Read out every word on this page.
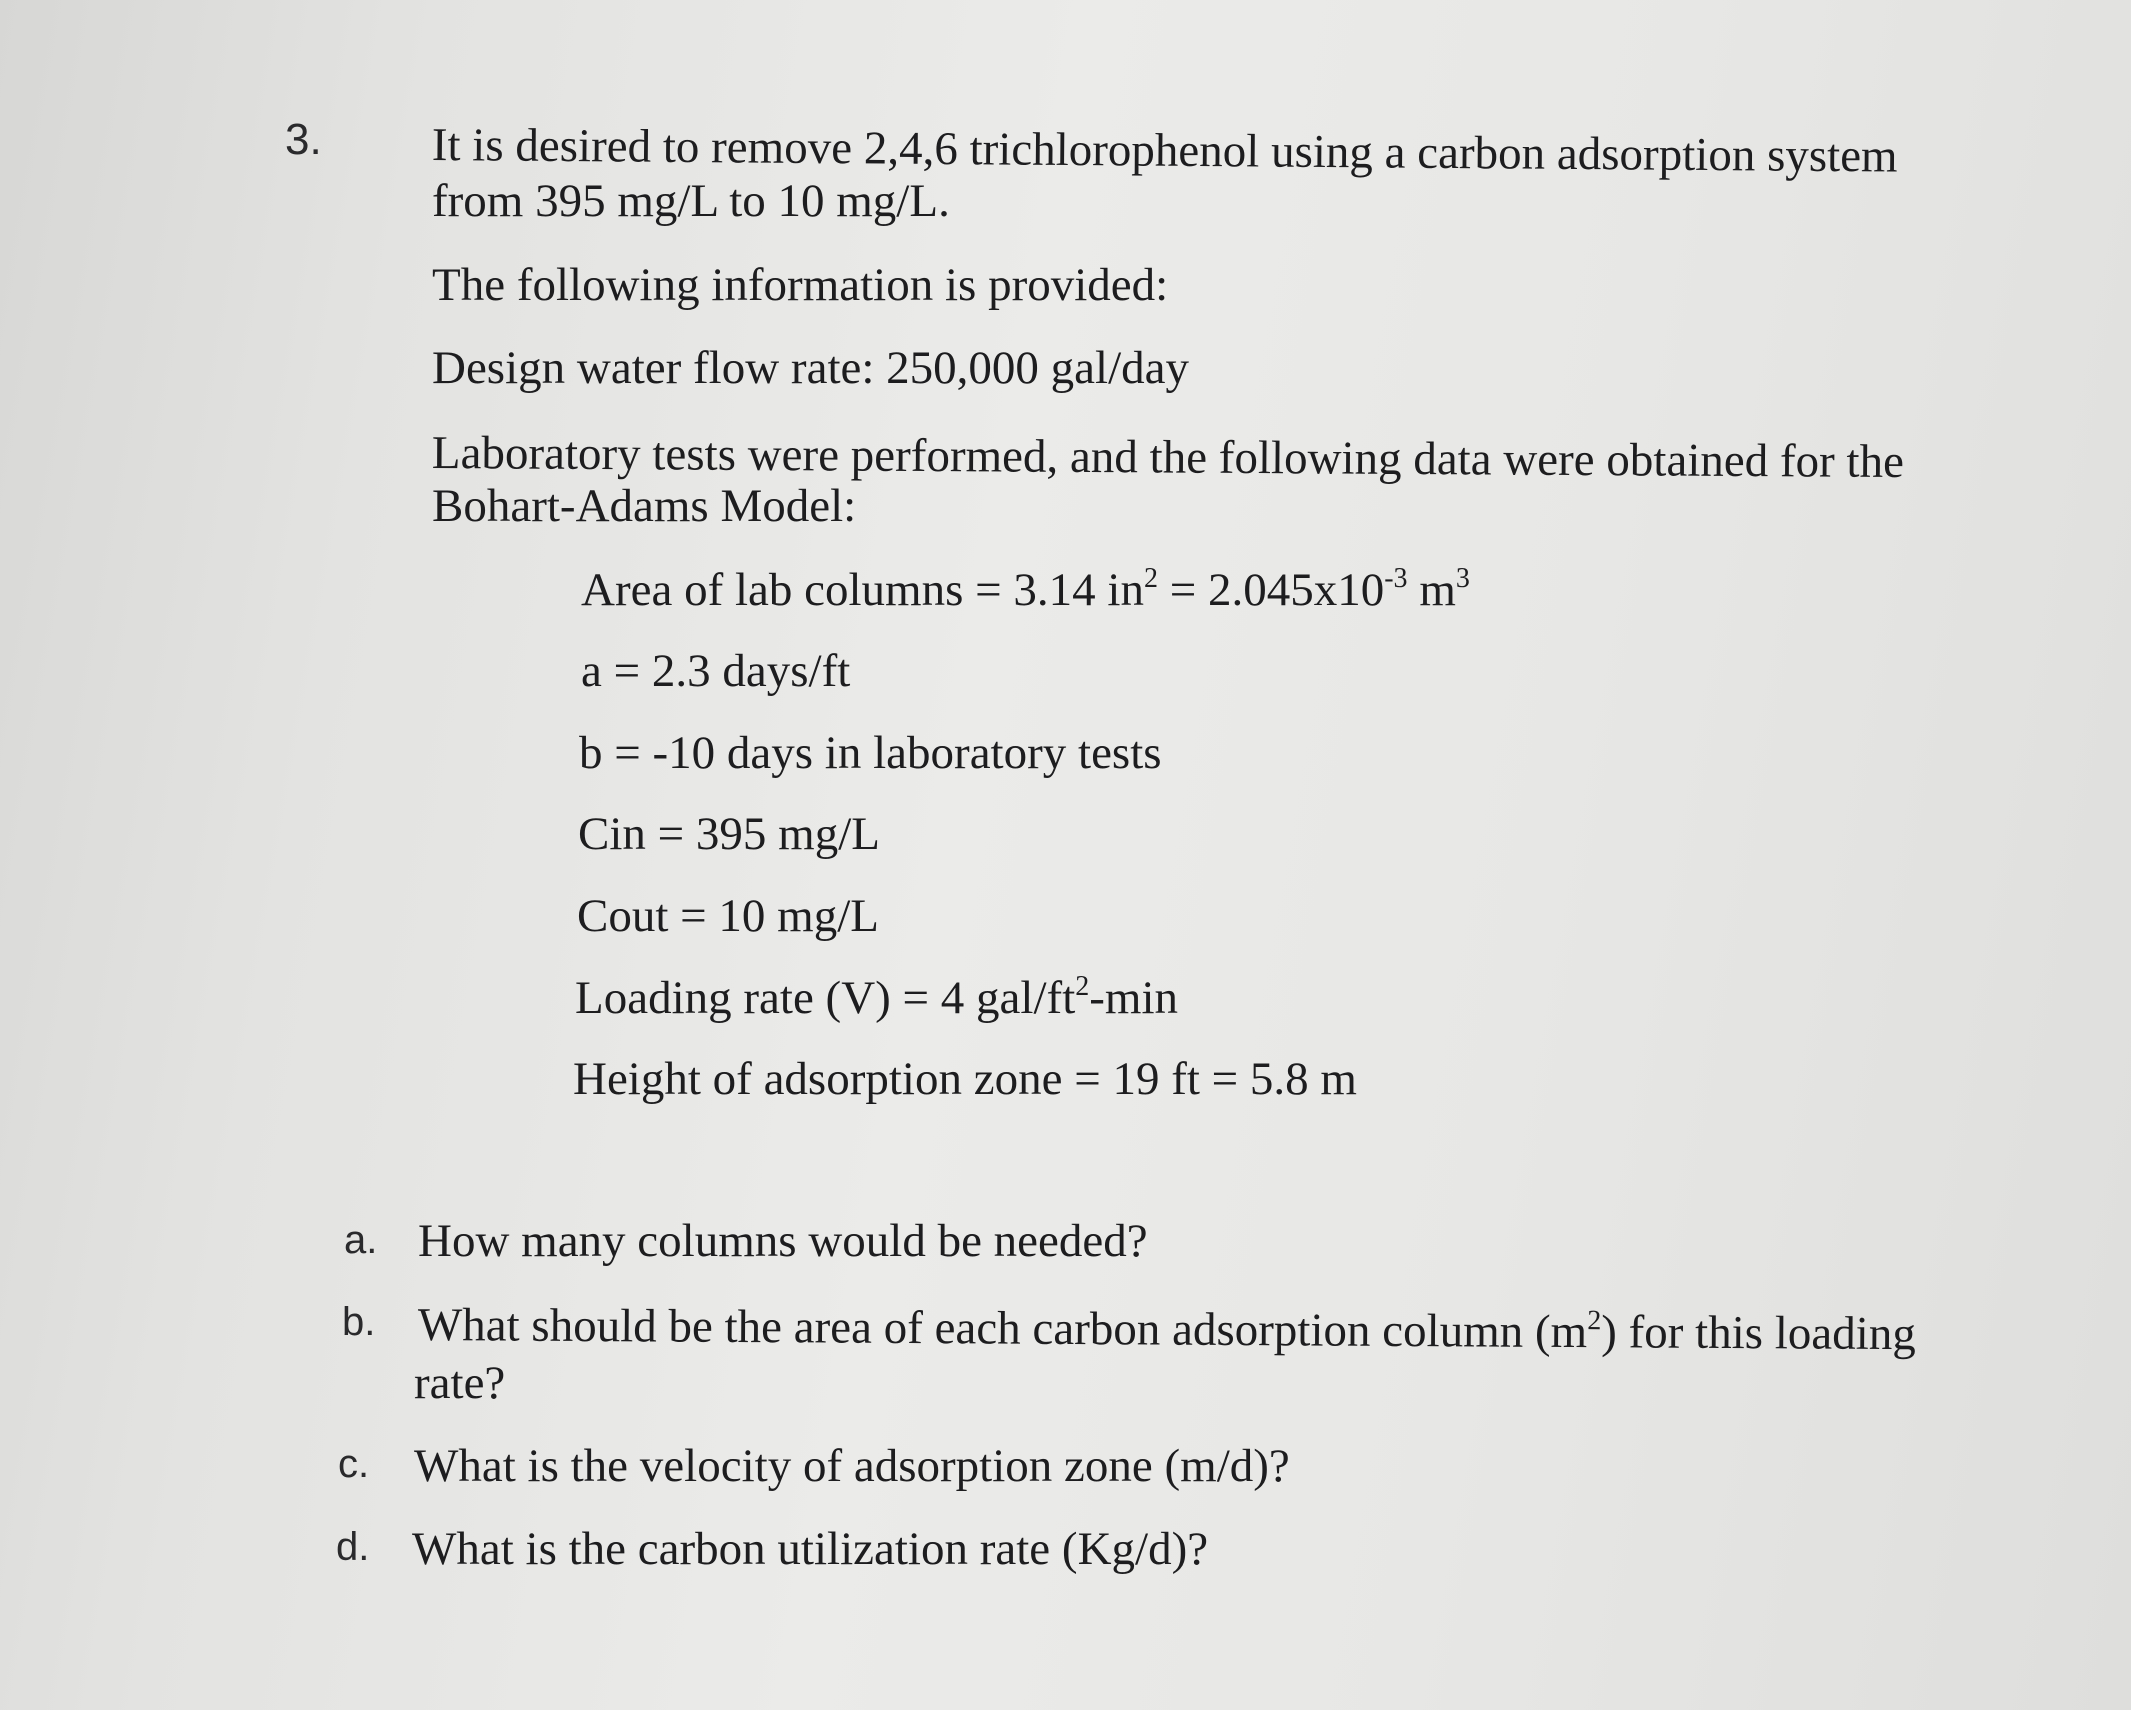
3. It is desired to remove 2,4,6 trichlorophenol using a carbon adsorption system
from 395 mg/L to 10 mg/L.
The following information is provided:
Design water flow rate: 250,000 gal/day
Laboratory tests were performed, and the following data were obtained for the
Bohart-Adams Model:
Area of lab columns = 3.14 $in^2 = 2.045x10^{-3}$ $m^3$
a = 2.3 days/ft
b = -10 days in laboratory tests
Cin = 395 mg/L
Cout = 10 mg/L
Loading rate (V) = 4 gal/$ft^2-\min$
Height of adsorption zone = 19 ft = 5.8 m
a. How many columns would be needed?
b. What should be the area of each carbon adsorption column $(m^2)$ for this loading
rate?
c. What is the velocity of adsorption zone (m/d)?
d. What is the carbon utilization rate (Kg/d)?
